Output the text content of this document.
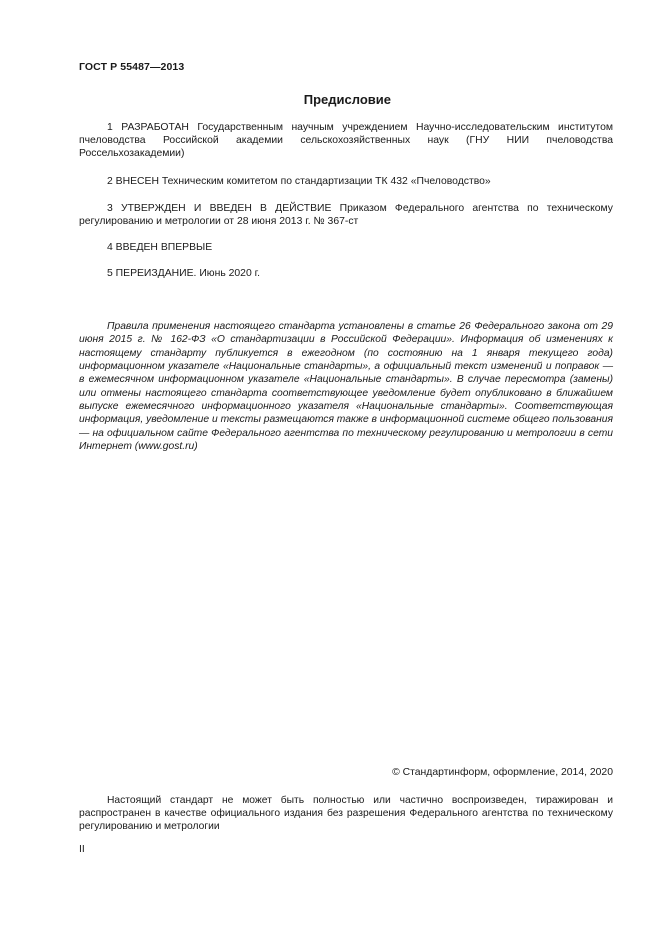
ГОСТ Р 55487—2013
Предисловие

1 РАЗРАБОТАН Государственным научным учреждением Научно-исследовательским институтом пчеловодства Российской академии сельскохозяйственных наук (ГНУ НИИ пчеловодства Россельхозакадемии)

2 ВНЕСЕН Техническим комитетом по стандартизации ТК 432 «Пчеловодство»

3 УТВЕРЖДЕН И ВВЕДЕН В ДЕЙСТВИЕ Приказом Федерального агентства по техническому регулированию и метрологии от 28 июня 2013 г. № 367-ст

4 ВВЕДЕН ВПЕРВЫЕ

5 ПЕРЕИЗДАНИЕ. Июнь 2020 г.

Правила применения настоящего стандарта установлены в статье 26 Федерального закона от 29 июня 2015 г. № 162-ФЗ «О стандартизации в Российской Федерации». Информация об изменениях к настоящему стандарту публикуется в ежегодном (по состоянию на 1 января текущего года) информационном указателе «Национальные стандарты», а официальный текст изменений и поправок — в ежемесячном информационном указателе «Национальные стандарты». В случае пересмотра (замены) или отмены настоящего стандарта соответствующее уведомление будет опубликовано в ближайшем выпуске ежемесячного информационного указателя «Национальные стандарты». Соответствующая информация, уведомление и тексты размещаются также в информационной системе общего пользования — на официальном сайте Федерального агентства по техническому регулированию и метрологии в сети Интернет (www.gost.ru)

© Стандартинформ, оформление, 2014, 2020

Настоящий стандарт не может быть полностью или частично воспроизведен, тиражирован и распространен в качестве официального издания без разрешения Федерального агентства по техническому регулированию и метрологии

II
